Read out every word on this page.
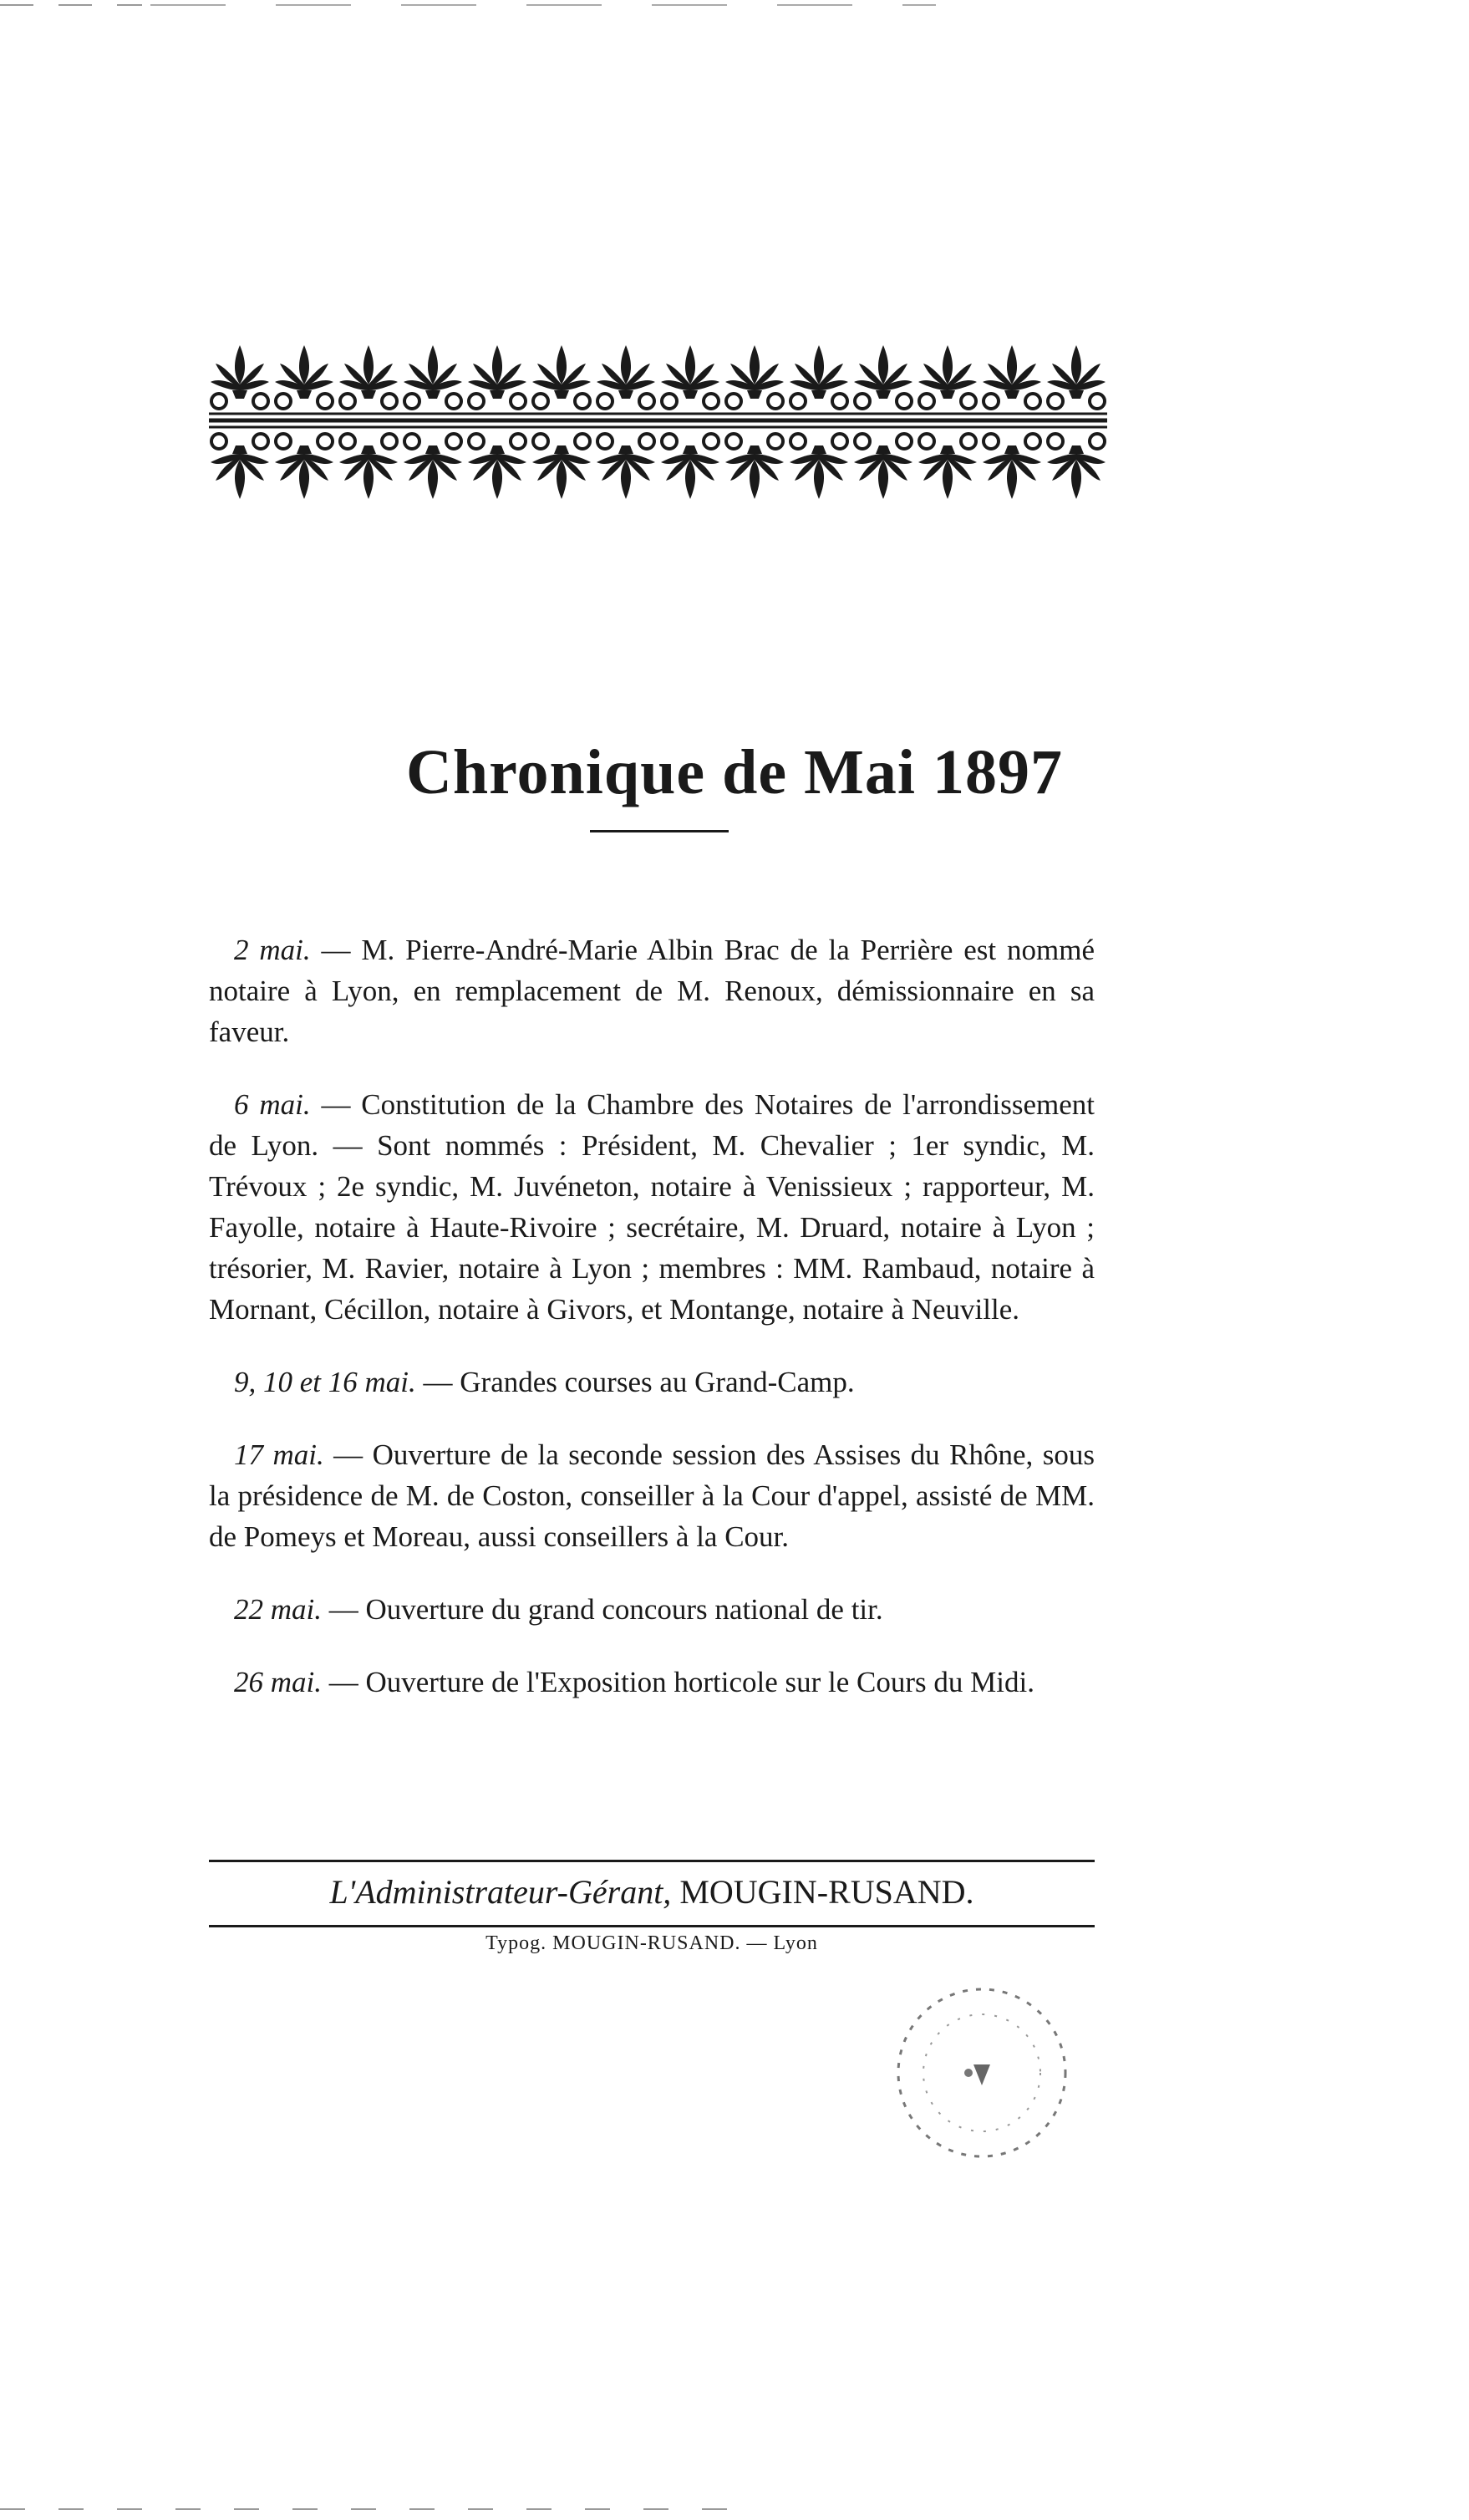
Chronique de Mai 1897

2 mai. — M. Pierre-André-Marie Albin Brac de la Perrière est nommé notaire à Lyon, en remplacement de M. Renoux, démissionnaire en sa faveur.

6 mai. — Constitution de la Chambre des Notaires de l'arrondissement de Lyon. — Sont nommés : Président, M. Chevalier ; 1er syndic, M. Trévoux ; 2e syndic, M. Juvéneton, notaire à Venissieux ; rapporteur, M. Fayolle, notaire à Haute-Rivoire ; secrétaire, M. Druard, notaire à Lyon ; trésorier, M. Ravier, notaire à Lyon ; membres : MM. Rambaud, notaire à Mornant, Cécillon, notaire à Givors, et Montange, notaire à Neuville.

9, 10 et 16 mai. — Grandes courses au Grand-Camp.

17 mai. — Ouverture de la seconde session des Assises du Rhône, sous la présidence de M. de Coston, conseiller à la Cour d'appel, assisté de MM. de Pomeys et Moreau, aussi conseillers à la Cour.

22 mai. — Ouverture du grand concours national de tir.

26 mai. — Ouverture de l'Exposition horticole sur le Cours du Midi.

L'Administrateur-Gérant, MOUGIN-RUSAND.
Typog. MOUGIN-RUSAND. — Lyon
